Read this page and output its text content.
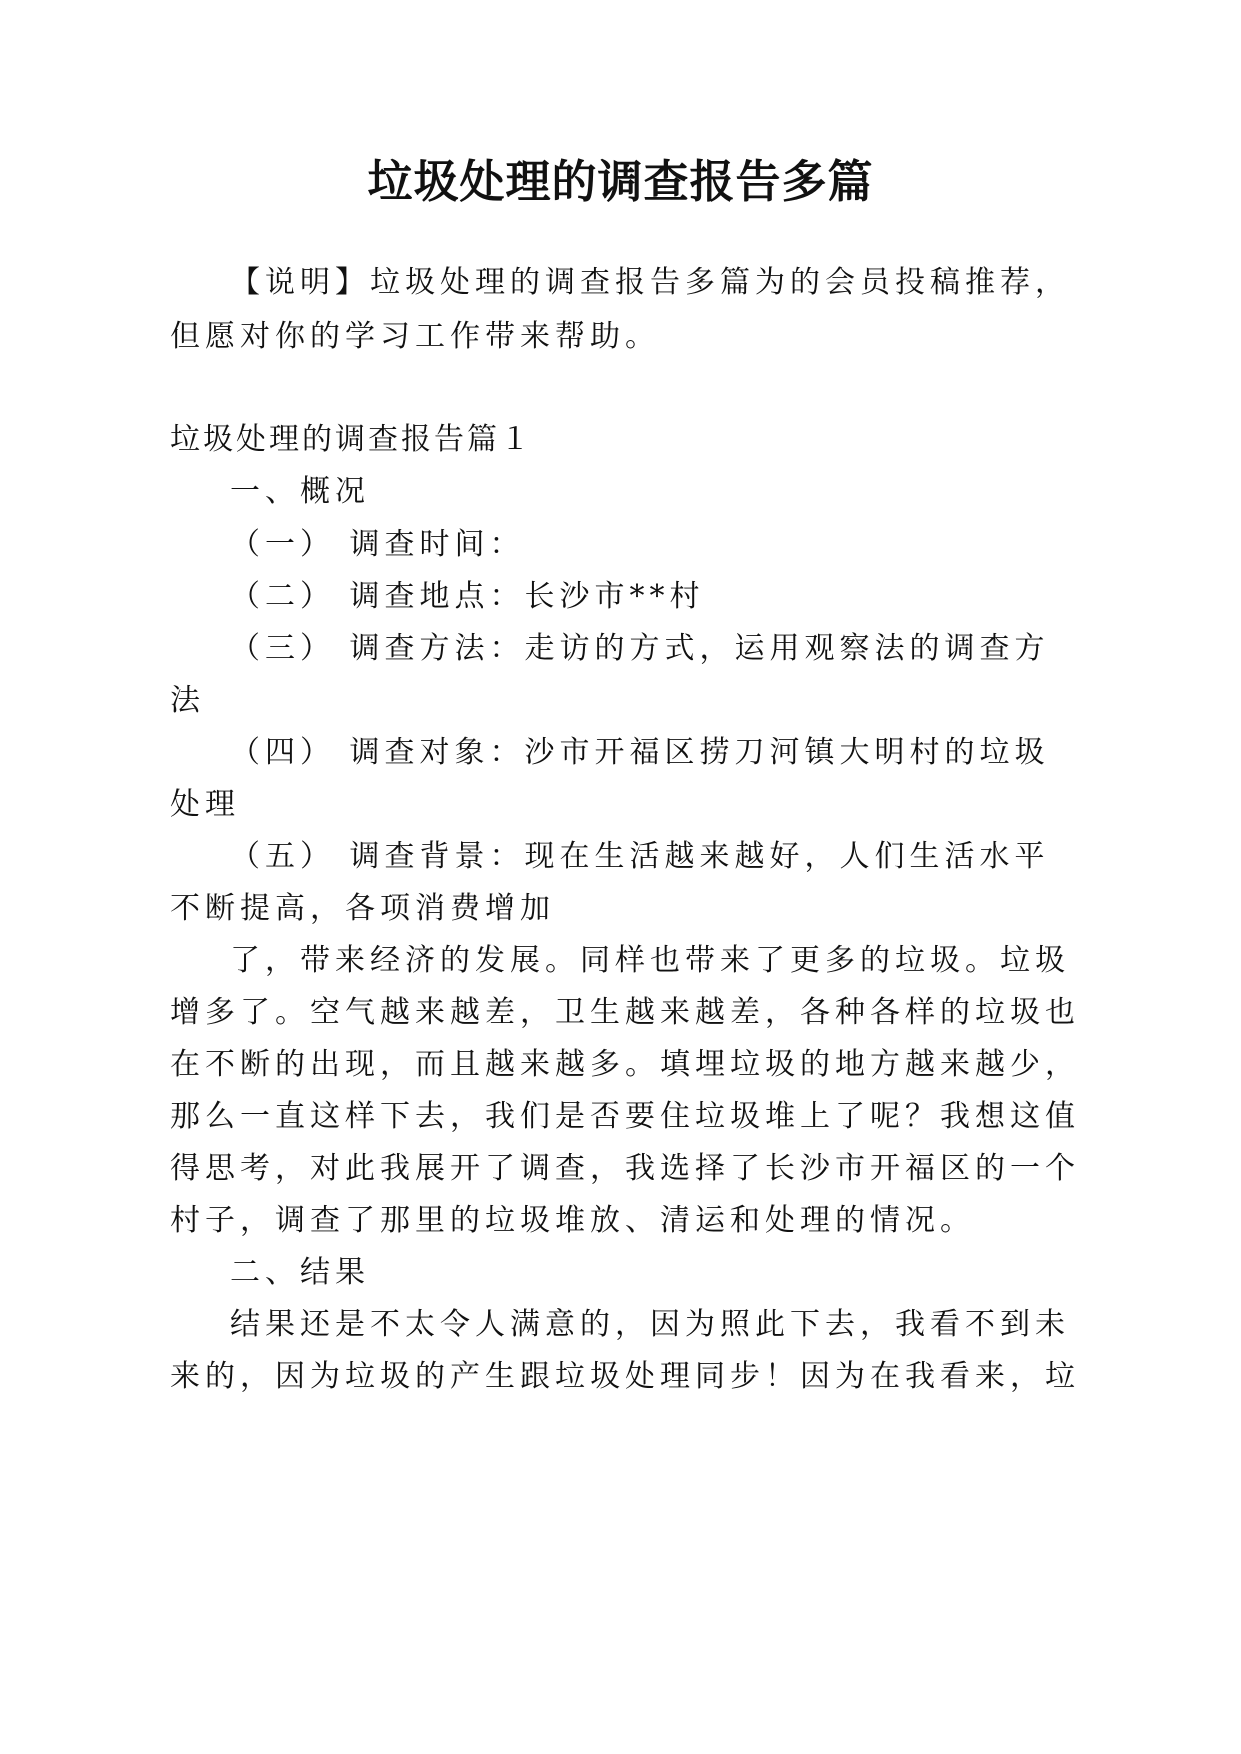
垃圾处理的调查报告多篇
【说明】垃圾处理的调查报告多篇为的会员投稿推荐，
但愿对你的学习工作带来帮助。
垃圾处理的调查报告篇１
一、概况
（一） 调查时间：
（二） 调查地点：长沙市**村
（三） 调查方法：走访的方式，运用观察法的调查方
法
（四） 调查对象：沙市开福区捞刀河镇大明村的垃圾
处理
（五） 调查背景：现在生活越来越好，人们生活水平
不断提高，各项消费增加
了，带来经济的发展。同样也带来了更多的垃圾。垃圾
增多了。空气越来越差，卫生越来越差，各种各样的垃圾也
在不断的出现，而且越来越多。填埋垃圾的地方越来越少，
那么一直这样下去，我们是否要住垃圾堆上了呢？我想这值
得思考，对此我展开了调查，我选择了长沙市开福区的一个
村子，调查了那里的垃圾堆放、清运和处理的情况。
二、结果
结果还是不太令人满意的，因为照此下去，我看不到未
来的，因为垃圾的产生跟垃圾处理同步！因为在我看来，垃
